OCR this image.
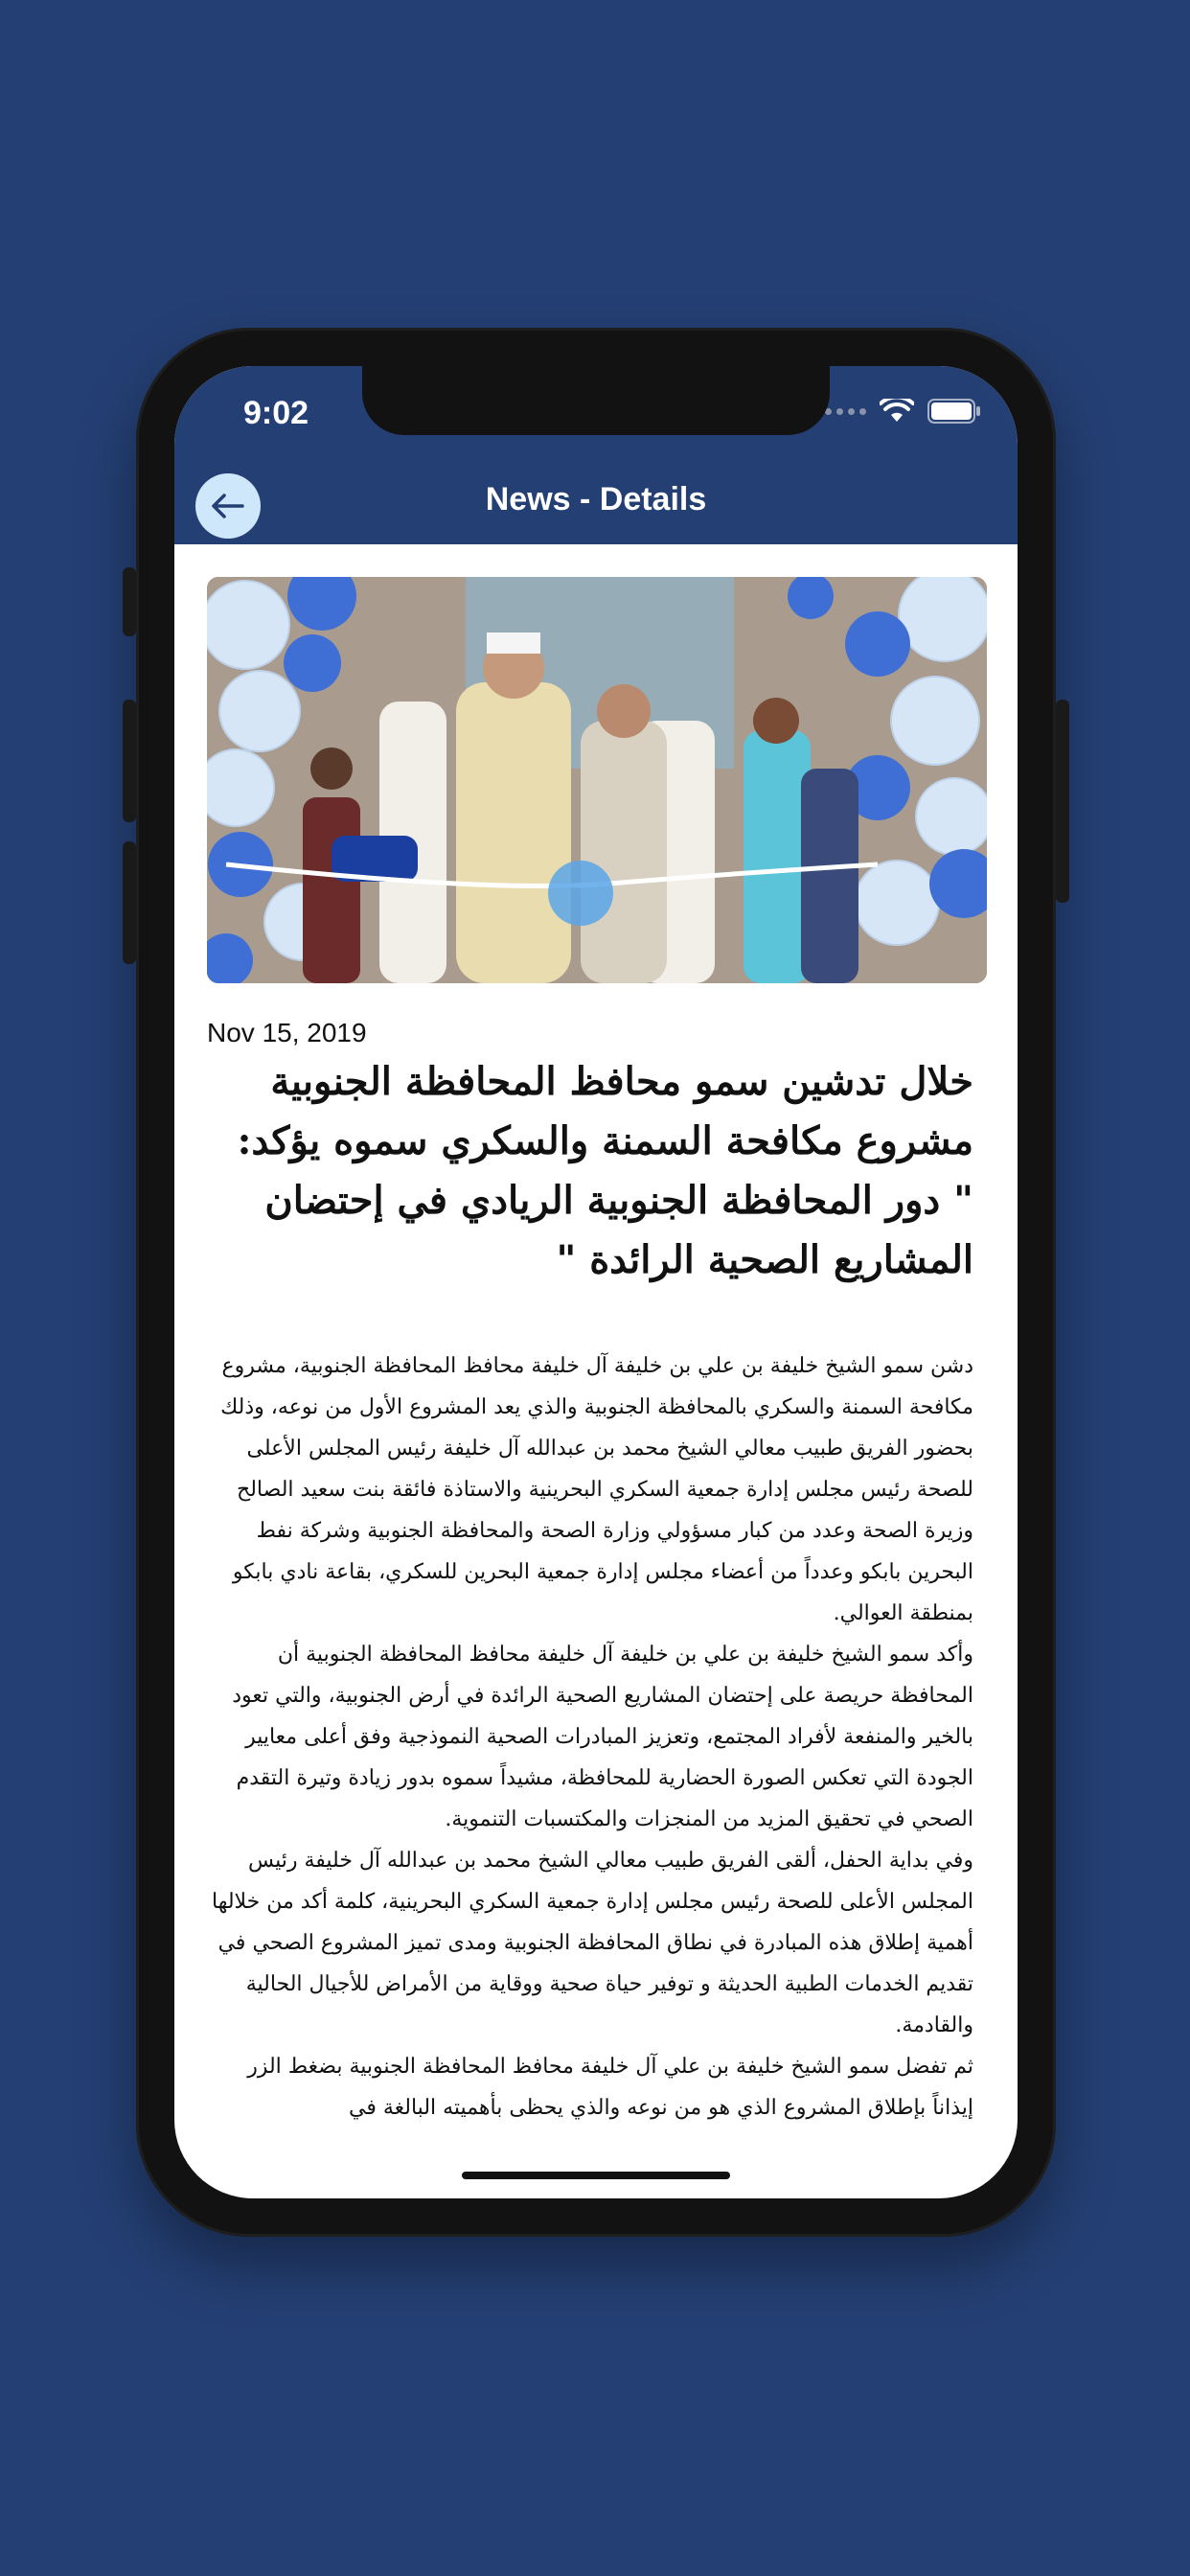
9:02
News - Details
Nov 15, 2019
خلال تدشين سمو محافظ المحافظة الجنوبية مشروع مكافحة السمنة والسكري سموه يؤكد: " دور المحافظة الجنوبية الريادي في إحتضان المشاريع الصحية الرائدة "
دشن سمو الشيخ خليفة بن علي بن خليفة آل خليفة محافظ المحافظة الجنوبية، مشروع مكافحة السمنة والسكري بالمحافظة الجنوبية والذي يعد المشروع الأول من نوعه، وذلك بحضور الفريق طبيب معالي الشيخ محمد بن عبدالله آل خليفة رئيس المجلس الأعلى للصحة رئيس مجلس إدارة جمعية السكري البحرينية والاستاذة فائقة بنت سعيد الصالح وزيرة الصحة وعدد من كبار مسؤولي وزارة الصحة والمحافظة الجنوبية وشركة نفط البحرين بابكو وعدداً من أعضاء مجلس إدارة جمعية البحرين للسكري، بقاعة نادي بابكو بمنطقة العوالي.
وأكد سمو الشيخ خليفة بن علي بن خليفة آل خليفة محافظ المحافظة الجنوبية أن المحافظة حريصة على إحتضان المشاريع الصحية الرائدة في أرض الجنوبية، والتي تعود بالخير والمنفعة لأفراد المجتمع، وتعزيز المبادرات الصحية النموذجية وفق أعلى معايير الجودة التي تعكس الصورة الحضارية للمحافظة، مشيداً سموه بدور زيادة وتيرة التقدم الصحي في تحقيق المزيد من المنجزات والمكتسبات التنموية.
وفي بداية الحفل، ألقى الفريق طبيب معالي الشيخ محمد بن عبدالله آل خليفة رئيس المجلس الأعلى للصحة رئيس مجلس إدارة جمعية السكري البحرينية، كلمة أكد من خلالها أهمية إطلاق هذه المبادرة في نطاق المحافظة الجنوبية ومدى تميز المشروع الصحي في تقديم الخدمات الطبية الحديثة و توفير حياة صحية ووقاية من الأمراض للأجيال الحالية والقادمة.
ثم تفضل سمو الشيخ خليفة بن علي آل خليفة محافظ المحافظة الجنوبية بضغط الزر إيذاناً بإطلاق المشروع الذي هو من نوعه والذي يحظى بأهميته البالغة في
